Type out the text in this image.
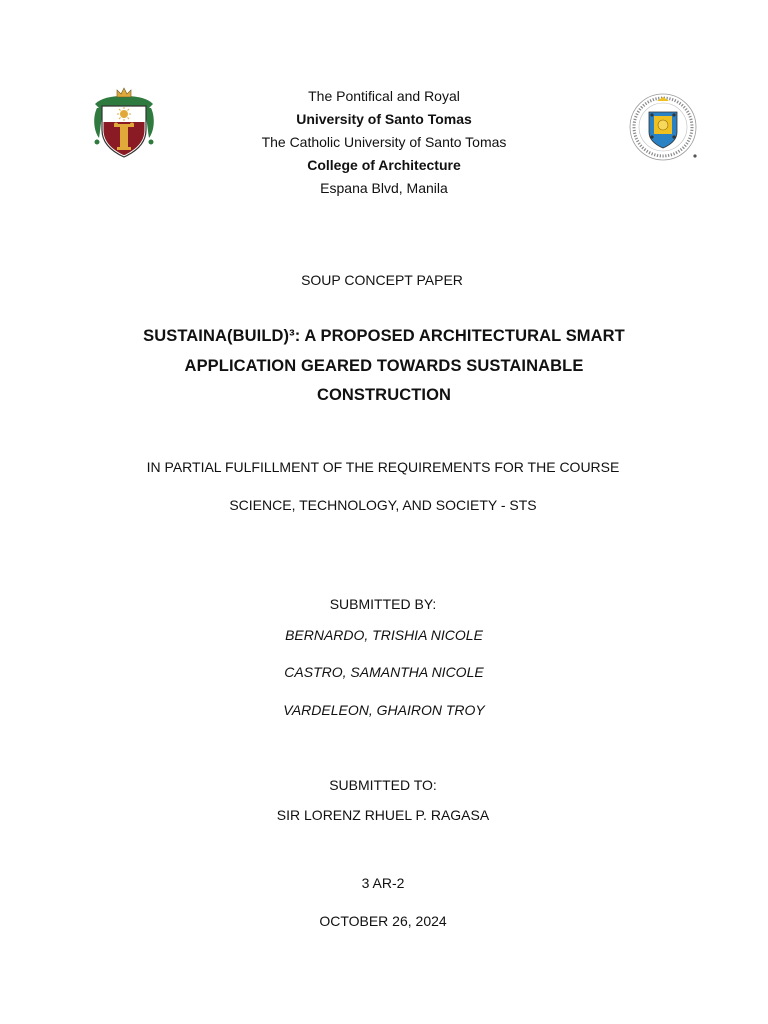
The Pontifical and Royal
University of Santo Tomas
The Catholic University of Santo Tomas
College of Architecture
Espana Blvd, Manila
SOUP CONCEPT PAPER
SUSTAINA(BUILD)³: A PROPOSED ARCHITECTURAL SMART
APPLICATION GEARED TOWARDS SUSTAINABLE
CONSTRUCTION
IN PARTIAL FULFILLMENT OF THE REQUIREMENTS FOR THE COURSE
SCIENCE, TECHNOLOGY, AND SOCIETY - STS
SUBMITTED BY:
BERNARDO, TRISHIA NICOLE
CASTRO, SAMANTHA NICOLE
VARDELEON, GHAIRON TROY
SUBMITTED TO:
SIR LORENZ RHUEL P. RAGASA
3 AR-2
OCTOBER 26, 2024
